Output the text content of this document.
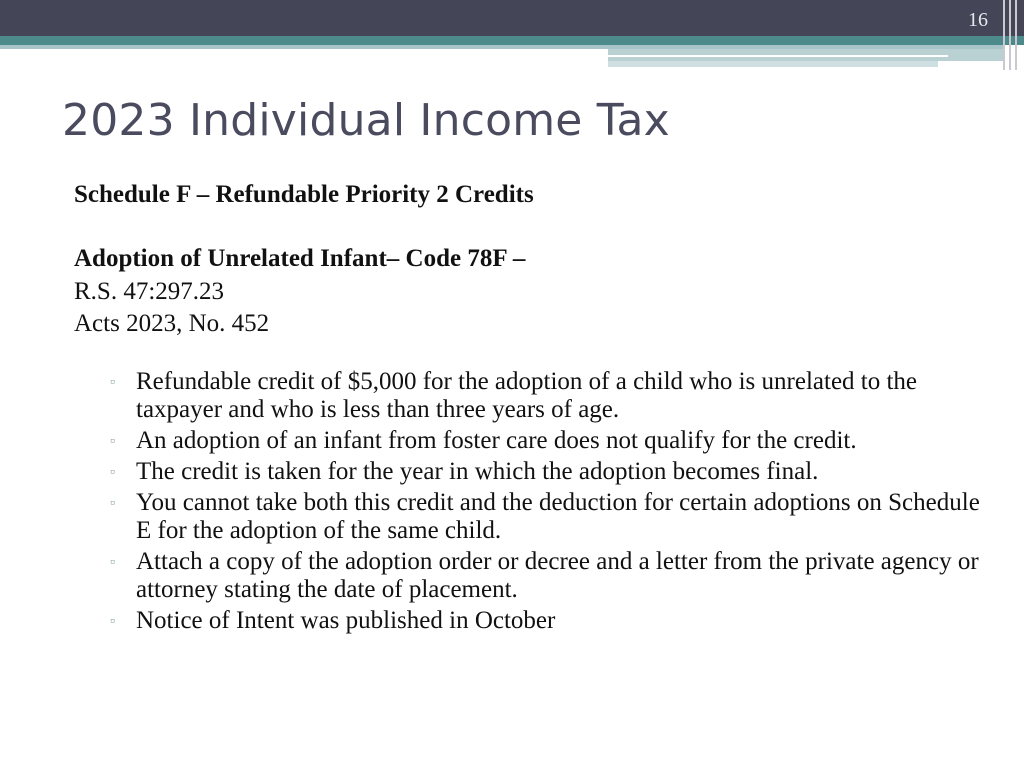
16
2023 Individual Income Tax

Schedule F – Refundable Priority 2 Credits

Adoption of Unrelated Infant– Code 78F –

R.S. 47:297.23

Acts 2023, No. 452

▫ Refundable credit of $5,000 for the adoption of a child who is unrelated to the taxpayer and who is less than three years of age.
▫ An adoption of an infant from foster care does not qualify for the credit.
▫ The credit is taken for the year in which the adoption becomes final.
▫ You cannot take both this credit and the deduction for certain adoptions on Schedule E for the adoption of the same child.
▫ Attach a copy of the adoption order or decree and a letter from the private agency or attorney stating the date of placement.
▫ Notice of Intent was published in October
